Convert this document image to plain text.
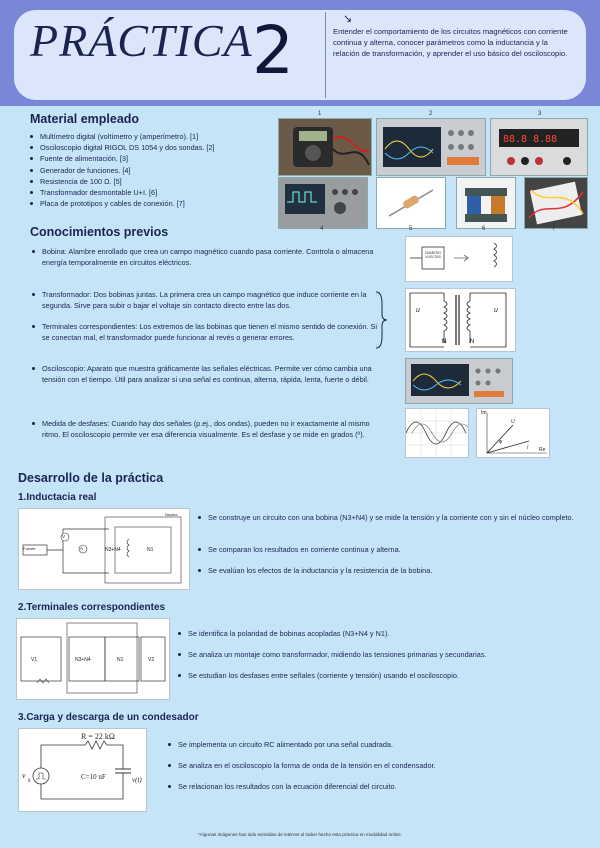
PRÁCTICA 2	↘
Entender el comportamiento de los circuitos magnéticos con corriente continua y alterna, conocer parámetros como la inductancia y la relación de transformación, y aprender el uso básico del osciloscopio.
Material empleado
Multímetro digital (voltímetro y (amperímetro). [1]
Osciloscopio digital RIGOL DS 1054 y dos sondas. [2]
Fuente de alimentación. [3]
Generador de funciones. [4]
Resistencia de 100 Ω. [5]
Transformador desmontable U+I. [6]
Placa de prototipos y cables de conexión. [7]
1	2	3
88.8 8.88
4	5	6	7
Conocimientos previos
Bobina: Alambre enrollado que crea un campo magnético cuando pasa corriente. Controla o almacena energía temporalmente en circuitos eléctricos.
Transformador: Dos bobinas juntas. La primera crea un campo magnético que induce corriente en la segunda. Sirve para subir o bajar el voltaje sin contacto directo entre las dos.
Terminales correspondientes: Los extremos de las bobinas que tienen el mismo sentido de conexión. Si se conectan mal, el transformador puede funcionar al revés o generar errores.
Osciloscopio: Aparato que muestra gráficamente las señales eléctricas. Permite ver cómo cambia una tensión con el tiempo. Útil para analizar si una señal es continua, alterna, rápida, lenta, fuerte o débil.
Medida de desfases: Cuando hay dos señales (p.ej., dos ondas), pueden no ir exactamente al mismo ritmo. El osciloscopio permite ver esa diferencia visualmente. Es el desfase y se mide en grados (º).
NUMERO VUELTAS
u	u
N	N
Im
Re
U
I
φ
Desarrollo de la práctica
1.Inductacia real
Fuente
V
A	N3+N4	N1
Núcleo	Se construye un circuito con una bobina (N3+N4) y se mide la tensión y la corriente con y sin el núcleo completo.
Se comparan los resultados en corriente continua y alterna.
Se evalúan los efectos de la inductancia y la resistencia de la bobina.
2.Terminales correspondientes
V1	N3+N4	N1	V2
Se identifica la polaridad de bobinas acopladas (N3+N4 y N1).
Se analiza un montaje como transformador, midiendo las tensiones primarias y secundarias.
Se estudian los desfases entre señales (corriente y tensión) usando el osciloscopio.
3.Carga y descarga de un condesador
R = 22 kΩ
C=10 nF
v
g	v(t)
Se implementa un circuito RC alimentado por una señal cuadrada.
Se analiza en el osciloscopio la forma de onda de la tensión en el condensador.
Se relacionan los resultados con la ecuación diferencial del circuito.
*Algunas imágenes han sido extraídas de internet al haber hecho esta práctica en modalidad online.
